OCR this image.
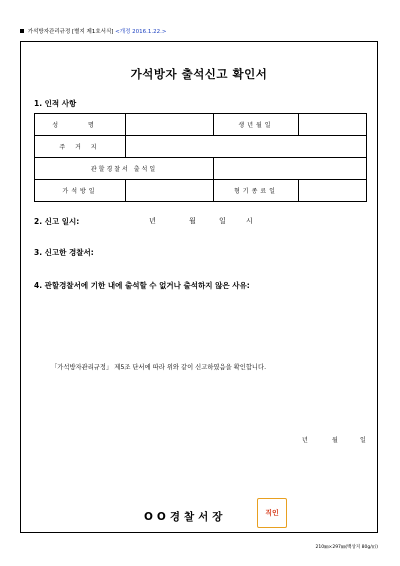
가석방자관리규정 [별지 제1호서식] <개정 2016.1.22.>
가석방자 출석신고 확인서
1. 인적 사항
성 명		생년월일	
주 거 지			
관할경찰서 출석일			
가석방일		형기종료일	
2. 신고 일시:	년	월	일	시
3. 신고한 경찰서:
4. 관할경찰서에 기한 내에 출석할 수 없거나 출석하지 않은 사유:
「가석방자관리규정」 제5조 단서에 따라 위와 같이 신고하였음을 확인합니다.
년	월	일
OO경찰서장	직인
210㎜×297㎜(백상지 80g/㎡)
